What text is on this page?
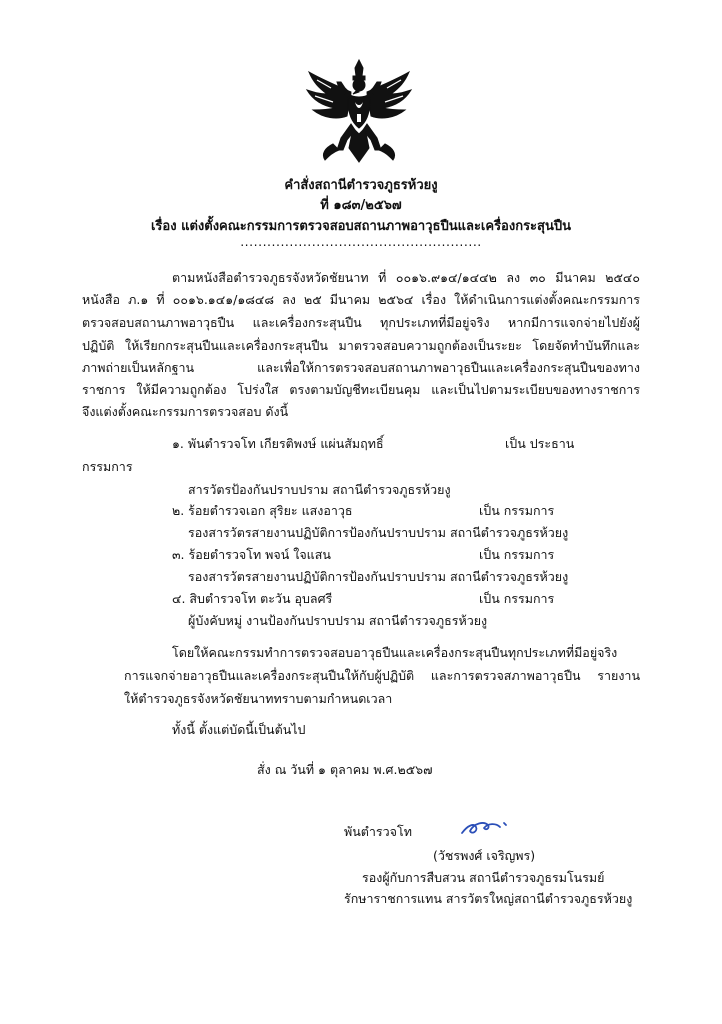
คำสั่งสถานีตำรวจภูธรห้วยงู
ที่ ๑๘๓/๒๕๖๗
เรื่อง แต่งตั้งคณะกรรมการตรวจสอบสถานภาพอาวุธปืนและเครื่องกระสุนปืน
......................................................
ตามหนังสือตำรวจภูธรจังหวัดชัยนาท ที่ ๐๐๑๖.๙๑๔/๑๔๔๒ ลง ๓๐ มีนาคม ๒๕๔๐
หนังสือ ภ.๑ ที่ ๐๐๑๖.๑๔๑/๑๘๔๘ ลง ๒๕ มีนาคม ๒๕๖๔ เรื่อง ให้ดำเนินการแต่งตั้งคณะกรรมการ
ตรวจสอบสถานภาพอาวุธปืน และเครื่องกระสุนปืน ทุกประเภทที่มีอยู่จริง หากมีการแจกจ่ายไปยังผู้
ปฏิบัติ ให้เรียกกระสุนปืนและเครื่องกระสุนปืน มาตรวจสอบความถูกต้องเป็นระยะ โดยจัดทำบันทึกและ
ภาพถ่ายเป็นหลักฐาน และเพื่อให้การตรวจสอบสถานภาพอาวุธปืนและเครื่องกระสุนปืนของทาง
ราชการ ให้มีความถูกต้อง โปร่งใส ตรงตามบัญชีทะเบียนคุม และเป็นไปตามระเบียบของทางราชการ
จึงแต่งตั้งคณะกรรมการตรวจสอบ ดังนี้
๑. พันตำรวจโท เกียรติพงษ์ แผ่นสัมฤทธิ์	เป็น ประธาน
กรรมการ
สารวัตรป้องกันปราบปราม สถานีตำรวจภูธรห้วยงู
๒. ร้อยตำรวจเอก สุริยะ แสงอาวุธ	เป็น กรรมการ
รองสารวัตรสายงานปฏิบัติการป้องกันปราบปราม สถานีตำรวจภูธรห้วยงู
๓. ร้อยตำรวจโท พจน์ ใจแสน	เป็น กรรมการ
รองสารวัตรสายงานปฏิบัติการป้องกันปราบปราม สถานีตำรวจภูธรห้วยงู
๔. สิบตำรวจโท ตะวัน อุบลศรี	เป็น กรรมการ
ผู้บังคับหมู่ งานป้องกันปราบปราม สถานีตำรวจภูธรห้วยงู
โดยให้คณะกรรมทำการตรวจสอบอาวุธปืนและเครื่องกระสุนปืนทุกประเภทที่มีอยู่จริง
การแจกจ่ายอาวุธปืนและเครื่องกระสุนปืนให้กับผู้ปฏิบัติ และการตรวจสภาพอาวุธปืน รายงาน
ให้ตำรวจภูธรจังหวัดชัยนาททราบตามกำหนดเวลา
ทั้งนี้ ตั้งแต่บัดนี้เป็นต้นไป
สั่ง ณ วันที่ ๑ ตุลาคม พ.ศ.๒๕๖๗
พันตำรวจโท
(วัชรพงศ์ เจริญพร)
รองผู้กับการสืบสวน สถานีตำรวจภูธรมโนรมย์
รักษาราชการแทน สารวัตรใหญ่สถานีตำรวจภูธรห้วยงู
